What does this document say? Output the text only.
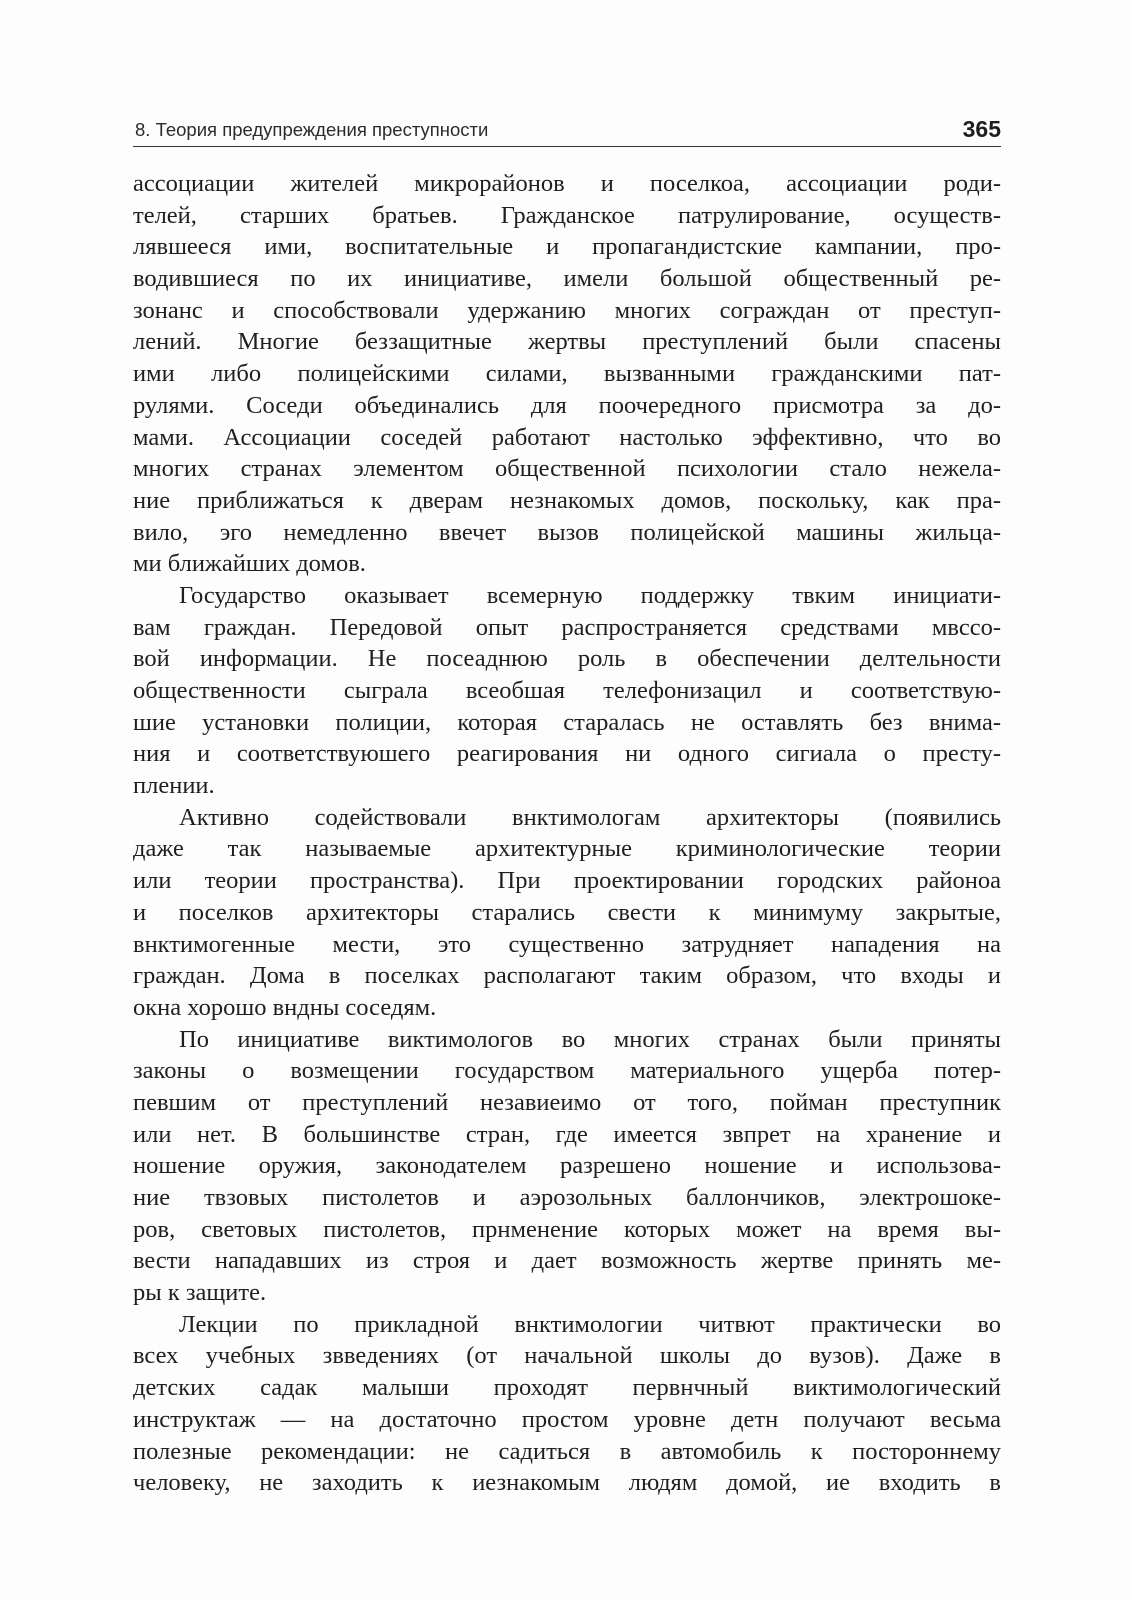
8. Теория предупреждения преступности	365
ассоциации жителей микрорайонов и поселкоа, ассоциации роди-
телей, старших братьев. Гражданское патрулирование, осуществ-
лявшееся ими, воспитательные и пропагандистские кампании, про-
водившиеся по их инициативе, имели большой общественный ре-
зонанс и способствовали удержанию многих сограждан от преступ-
лений. Многие беззащитные жертвы преступлений были спасены
ими либо полицейскими силами, вызванными гражданскими пат-
рулями. Соседи объединались для поочередного присмотра за до-
мами. Ассоциации соседей работают настолько эффективно, что во
многих странах элементом общественной психологии стало нежела-
ние приближаться к дверам незнакомых домов, поскольку, как пра-
вило, эго немедленно ввечет вызов полицейской машины жильца-
ми ближайших домов.
Государство оказывает всемерную поддержку твким инициати-
вам граждан. Передовой опыт распространяется средствами мвссо-
вой информации. Не посеаднюю роль в обеспечении делтельности
общественности сыграла всеобшая телефонизацил и соответствую-
шие установки полиции, которая старалась не оставлять без внима-
ния и соответствуюшего реагирования ни одного сигиала о престу-
плении.
Активно содействовали внктимологам архитекторы (появились
даже так называемые архитектурные криминологические теории
или теории пространства). При проектировании городских районоа
и поселков архитекторы старались свести к минимуму закрытые,
внктимогенные мести, это существенно затрудняет нападения на
граждан. Дома в поселках располагают таким образом, что входы и
окна хорошо вндны соседям.
По инициативе виктимологов во многих странах были приняты
законы о возмещении государством материального ущерба потер-
певшим от преступлений незавиеимо от того, пойман преступник
или нет. В большинстве стран, где имеется звпрет на хранение и
ношение оружия, законодателем разрешено ношение и использова-
ние твзовых пистолетов и аэрозольных баллончиков, электрошоке-
ров, световых пистолетов, прнменение которых может на время вы-
вести нападавших из строя и дает возможность жертве принять ме-
ры к защите.
Лекции по прикладной внктимологии читвют практически во
всех учебных звведениях (от начальной школы до вузов). Даже в
детских садак малыши проходят первнчный виктимологический
инструктаж — на достаточно простом уровне детн получают весьма
полезные рекомендации: не садиться в автомобиль к постороннему
человеку, не заходить к иезнакомым людям домой, ие входить в
